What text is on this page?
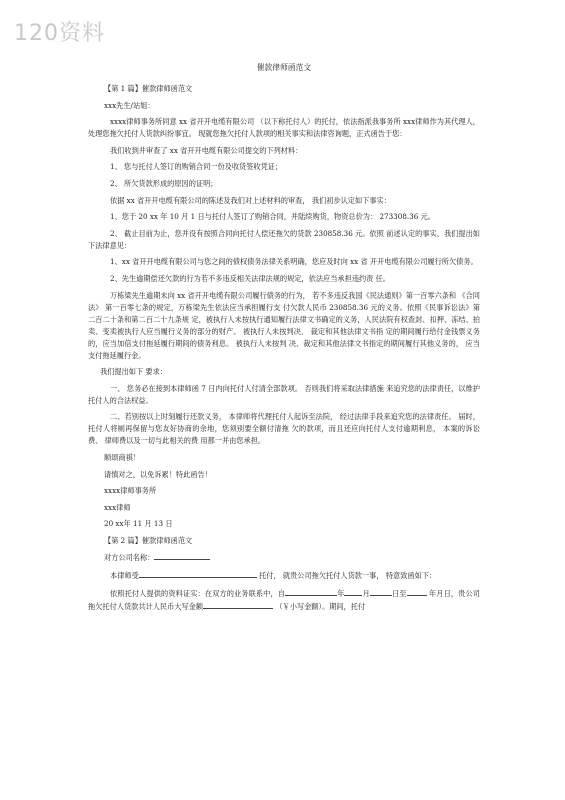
120资料

催款律师函范文

【第 1 篇】催款律师函范文

xxx先生/站姐：

xxxx律师事务所同意 xx 省开开电缆有限公司 （以下称托付人）的托付，依法指派我事务所 xxx律师作为其代理人， 处理您拖欠托付人货款纠纷事宜。 现就您拖欠托付人款项的相关事实和法律咨询题，正式函告于您：

我们收到并审查了 xx 省开开电缆有限公司提交的下列材料：

1、 您与托付人签订的购销合同一份及收货签收凭证；

2、 所欠货款形成的原因的证明；

依据 xx 省开开电缆有限公司的陈述及我们对上述材料的审查， 我们初步认定如下事实：

1、您于 20 xx 年 10 月 1 日与托付人签订了购销合同，并陆续购货，物资总价为： 273308.36 元。

2、 截止目前为止，您并没有按照合同向托付人偿还拖欠的货款 230858.36 元。依照 前述认定的事实，我们提出如下法律意见：

1、xx 省开开电缆有限公司与您之间的债权债务法律关系明确，您应及时向 xx 省 开开电缆有限公司履行所欠债务。

2、先生逾期偿还欠款的行为若不多违反相关法律法规的规定，依法应当承担违约责 任。

万栋梁先生逾期未向 xx 省开开电缆有限公司履行债务的行为， 若不多违反我国《民法通则》第一百零六条和 《合同法》 第一百零七条的规定，万栋梁先生依法应当承担履行支 付欠款人民币 230858.36 元的义务。依照《民事诉讼法》第二百二十条和第二百二十九条规 定，被执行人未按执行通知履行法律文书确定的义务，人民法院有权查封、扣押、冻结、拍 卖、变卖被执行人应当履行义务的部分的财产。 被执行人未按判决、 裁定和其他法律文书指 定的期间履行给付金钱票义务的，应当加倍支付拖延履行期间的债务利息。 被执行人未按判 决、裁定和其他法律文书指定的期间履行其他义务的， 应当支付拖延履行金。

我们提出如下 要求：

一、 您务必在接到本律师函 7 日内向托付人付清全部款项。 否则我们将采取法律措施 来追究您的法律责任，以维护托付人的合法权益。

二、若别按以上时刻履行还款义务， 本律师将代理托付人起诉至法院， 经过法律手段来追究您的法律责任。 届时， 托付人将厕再保留与您友好协商的余地，您须别要全额付清拖 欠的款项，而且还应向托付人支付逾期利息， 本案的诉讼费、 律师费以及一切与此相关的费 用都一并由您承担。

顺颂商祺！

请慎对之，以免诉累！特此函告！

xxxx律师事务所

xxx律师

20 xx年 11 月 13 日

【第 2 篇】催款律师函范文

对方公司名称：

本律师受	托付， 就贵公司拖欠托付人货款一事， 特意致函如下：

依照托付人提供的资料证实：在双方的业务联系中，自	年	月	日至	年月日，贵公司拖欠托付人货款共计人民币大写金额	（￥小写金额）。期间，托付
